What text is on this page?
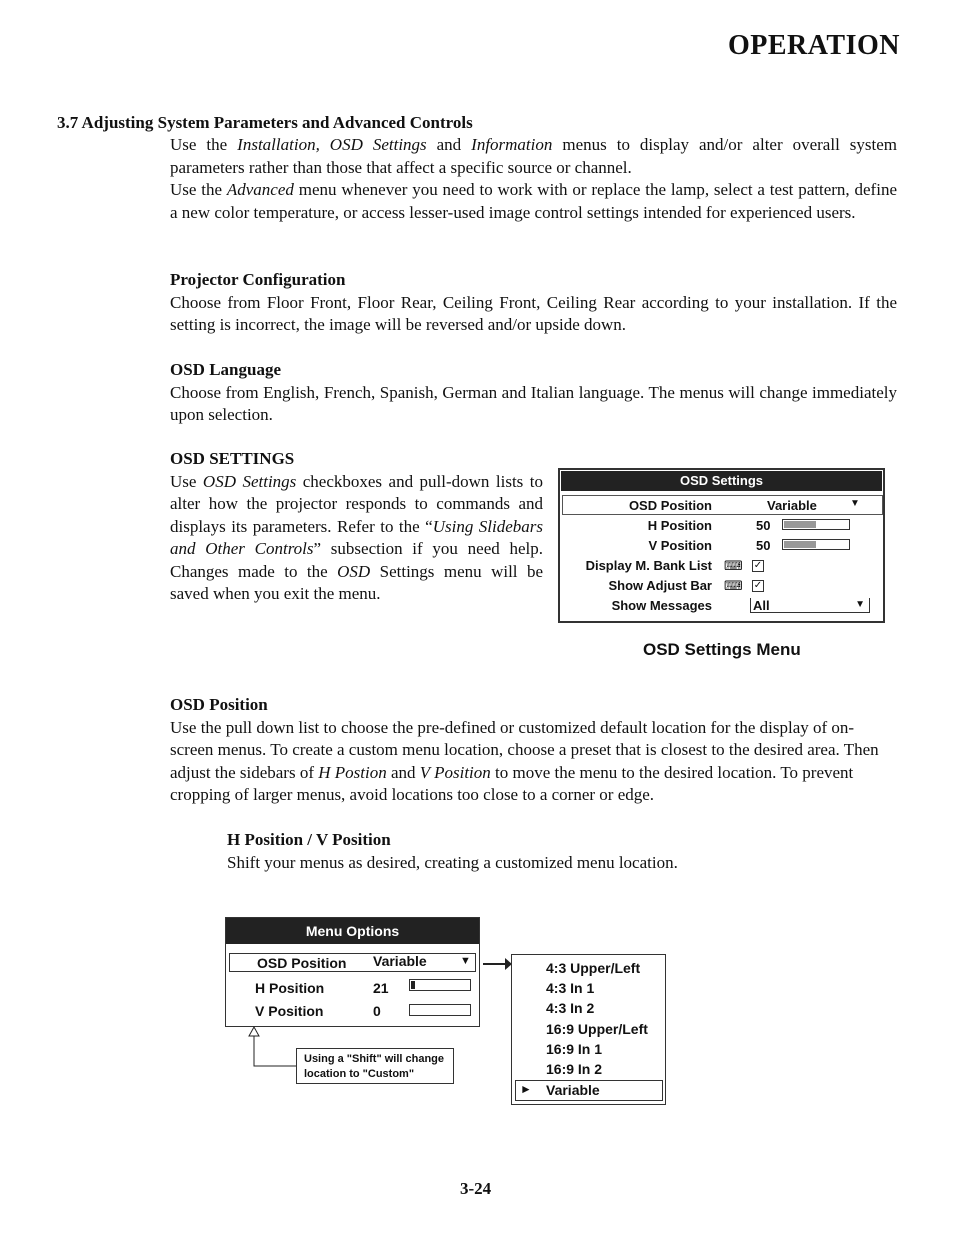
OPERATION
3.7 Adjusting System Parameters and Advanced Controls

Use the Installation, OSD Settings and Information menus to display and/or alter overall system parameters rather than those that affect a specific source or channel.

Use the Advanced menu whenever you need to work with or replace the lamp, select a test pattern, define a new color temperature, or access lesser-used image control settings intended for experienced users.

Projector Configuration

Choose from Floor Front, Floor Rear, Ceiling Front, Ceiling Rear according to your installation. If the setting is incorrect, the image will be reversed and/or upside down.

OSD Language

Choose from English, French, Spanish, German and Italian language. The menus will change immediately upon selection.

OSD SETTINGS

Use OSD Settings checkboxes and pull-down lists to alter how the projector responds to commands and displays its parameters. Refer to the “Using Slidebars and Other Controls” subsection if you need help. Changes made to the OSD Settings menu will be saved when you exit the menu.

OSD Settings
OSD Position	Variable	▼
H Position	50
V Position	50
Display M. Bank List ⌨ ✓
Show Adjust Bar ⌨ ✓
Show Messages	All	▼
OSD Settings Menu

OSD Position

Use the pull down list to choose the pre-defined or customized default location for the display of on-screen menus. To create a custom menu location, choose a preset that is closest to the desired area. Then adjust the sidebars of H Postion and V Position to move the menu to the desired location. To prevent cropping of larger menus, avoid locations too close to a corner or edge.

H Position / V Position

Shift your menus as desired, creating a customized menu location.

Menu Options
OSD Position Variable	▼
H Position	21
V Position	0
Using a "Shift" will change location to "Custom"
4:3 Upper/Left
4:3 In 1
4:3 In 2
16:9 Upper/Left
16:9 In 1
16:9 In 2
► Variable
3-24
